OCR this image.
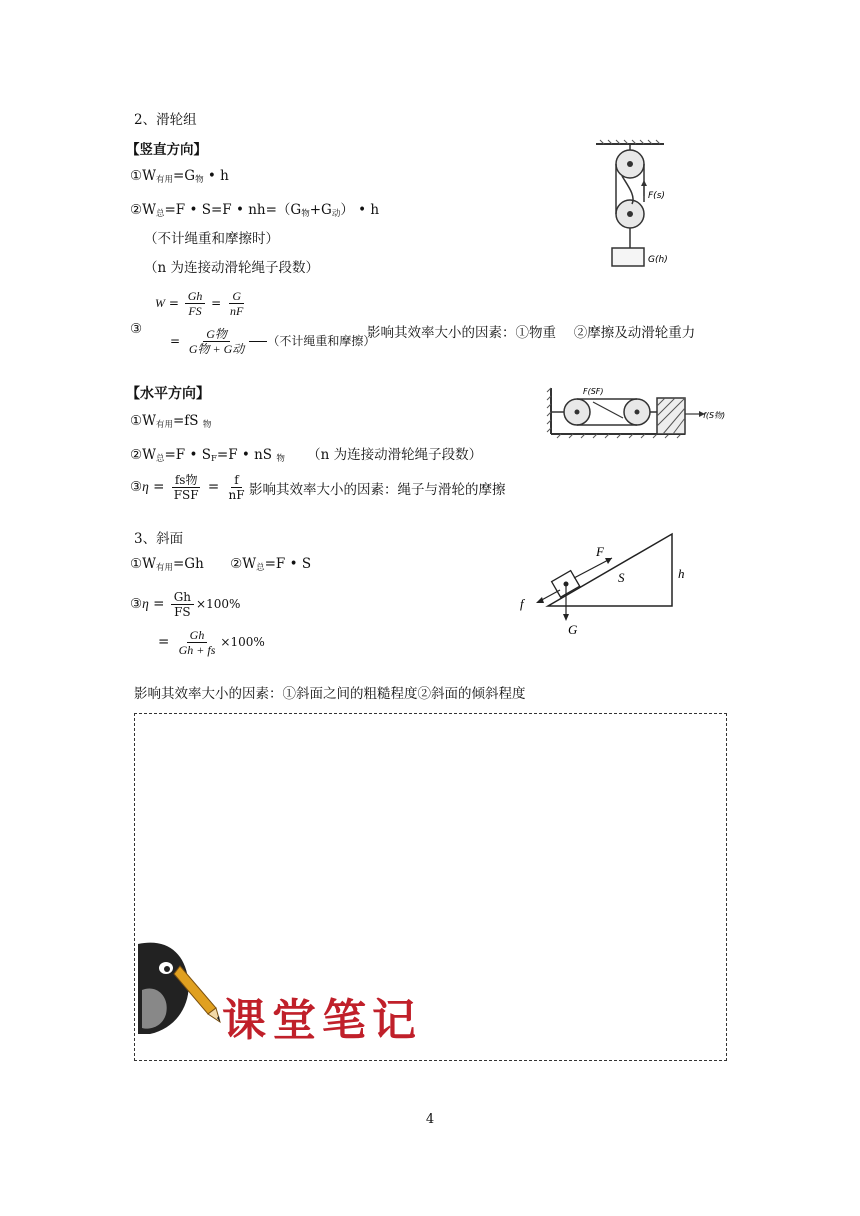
2、滑轮组
【竖直方向】
$①W_{有用}=G_物$ • h
$②W_总=F$ • S=F • $nh=(G_物+G_动)$ • h
（不计绳重和摩擦时）
（n 为连接动滑轮绳子段数）
③
$W = \frac{Gh}{FS} = \frac{G}{nF}$
= $\frac{\text{G物}}{\text{G物 + G动}}$ （不计绳重和摩擦）
影响其效率大小的因素：①物重　 ②摩擦及动滑轮重力
F(s)
G(h)
【水平方向】
$①W_{有用}=fS$ $_物$
$②W_总=F$ • $S_F=F$ • nS $_物$ （n 为连接动滑轮绳子段数）
③η = $\frac{\text{fs物}}{\text{FSF}} = \frac{f}{nF}$ 影响其效率大小的因素：绳子与滑轮的摩擦
F(SF)
f(S物)
3、斜面
$①W_{有用}=Gh$ $②W_总=F$ • S
③η = $\frac{Gh}{FS} \times 100\%$
= $\frac{Gh}{Gh + fs} \times 100\%$
F
S	h
f
G
影响其效率大小的因素：①斜面之间的粗糙程度②斜面的倾斜程度
课堂笔记
4
